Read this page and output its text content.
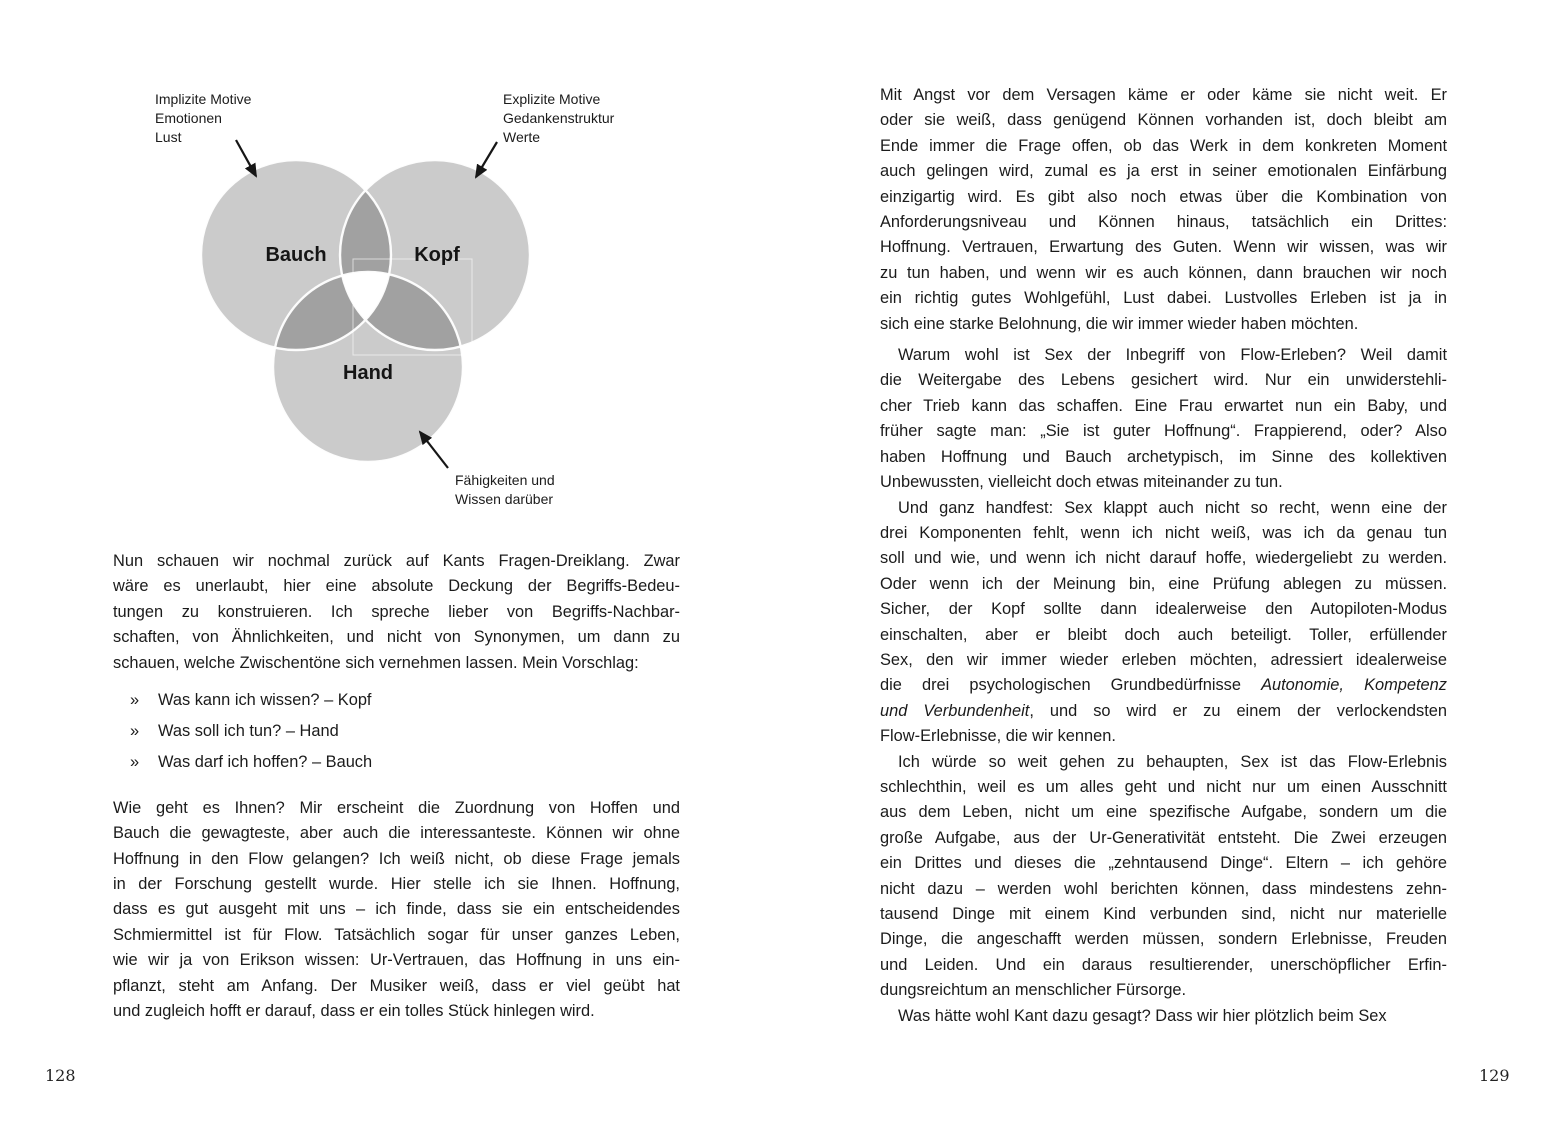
Bauch	Kopf
Hand
Implizite Motive
Emotionen
Lust
Explizite Motive
Gedankenstruktur
Werte
Fähigkeiten und
Wissen darüber
Nun schauen wir nochmal zurück auf Kants Fragen-Dreiklang. Zwar
wäre es unerlaubt, hier eine absolute Deckung der Begriffs-Bedeu-
tungen zu konstruieren. Ich spreche lieber von Begriffs-Nachbar-
schaften, von Ähnlichkeiten, und nicht von Synonymen, um dann zu
schauen, welche Zwischentöne sich vernehmen lassen. Mein Vorschlag:
» Was kann ich wissen? – Kopf
» Was soll ich tun? – Hand
» Was darf ich hoffen? – Bauch
Wie geht es Ihnen? Mir erscheint die Zuordnung von Hoffen und
Bauch die gewagteste, aber auch die interessanteste. Können wir ohne
Hoffnung in den Flow gelangen? Ich weiß nicht, ob diese Frage jemals
in der Forschung gestellt wurde. Hier stelle ich sie Ihnen. Hoffnung,
dass es gut ausgeht mit uns – ich finde, dass sie ein entscheidendes
Schmiermittel ist für Flow. Tatsächlich sogar für unser ganzes Leben,
wie wir ja von Erikson wissen: Ur-Vertrauen, das Hoffnung in uns ein-
pflanzt, steht am Anfang. Der Musiker weiß, dass er viel geübt hat
und zugleich hofft er darauf, dass er ein tolles Stück hinlegen wird.
128
Mit Angst vor dem Versagen käme er oder käme sie nicht weit. Er
oder sie weiß, dass genügend Können vorhanden ist, doch bleibt am
Ende immer die Frage offen, ob das Werk in dem konkreten Moment
auch gelingen wird, zumal es ja erst in seiner emotionalen Einfärbung
einzigartig wird. Es gibt also noch etwas über die Kombination von
Anforderungsniveau und Können hinaus, tatsächlich ein Drittes:
Hoffnung. Vertrauen, Erwartung des Guten. Wenn wir wissen, was wir
zu tun haben, und wenn wir es auch können, dann brauchen wir noch
ein richtig gutes Wohlgefühl, Lust dabei. Lustvolles Erleben ist ja in
sich eine starke Belohnung, die wir immer wieder haben möchten.
Warum wohl ist Sex der Inbegriff von Flow-Erleben? Weil damit
die Weitergabe des Lebens gesichert wird. Nur ein unwiderstehli-
cher Trieb kann das schaffen. Eine Frau erwartet nun ein Baby, und
früher sagte man: „Sie ist guter Hoffnung“. Frappierend, oder? Also
haben Hoffnung und Bauch archetypisch, im Sinne des kollektiven
Unbewussten, vielleicht doch etwas miteinander zu tun.
Und ganz handfest: Sex klappt auch nicht so recht, wenn eine der
drei Komponenten fehlt, wenn ich nicht weiß, was ich da genau tun
soll und wie, und wenn ich nicht darauf hoffe, wiedergeliebt zu werden.
Oder wenn ich der Meinung bin, eine Prüfung ablegen zu müssen.
Sicher, der Kopf sollte dann idealerweise den Autopiloten-Modus
einschalten, aber er bleibt doch auch beteiligt. Toller, erfüllender
Sex, den wir immer wieder erleben möchten, adressiert idealerweise
die drei psychologischen Grundbedürfnisse Autonomie, Kompetenz
und Verbundenheit, und so wird er zu einem der verlockendsten
Flow-Erlebnisse, die wir kennen.
Ich würde so weit gehen zu behaupten, Sex ist das Flow-Erlebnis
schlechthin, weil es um alles geht und nicht nur um einen Ausschnitt
aus dem Leben, nicht um eine spezifische Aufgabe, sondern um die
große Aufgabe, aus der Ur-Generativität entsteht. Die Zwei erzeugen
ein Drittes und dieses die „zehntausend Dinge“. Eltern – ich gehöre
nicht dazu – werden wohl berichten können, dass mindestens zehn-
tausend Dinge mit einem Kind verbunden sind, nicht nur materielle
Dinge, die angeschafft werden müssen, sondern Erlebnisse, Freuden
und Leiden. Und ein daraus resultierender, unerschöpflicher Erfin-
dungsreichtum an menschlicher Fürsorge.
Was hätte wohl Kant dazu gesagt? Dass wir hier plötzlich beim Sex
129
